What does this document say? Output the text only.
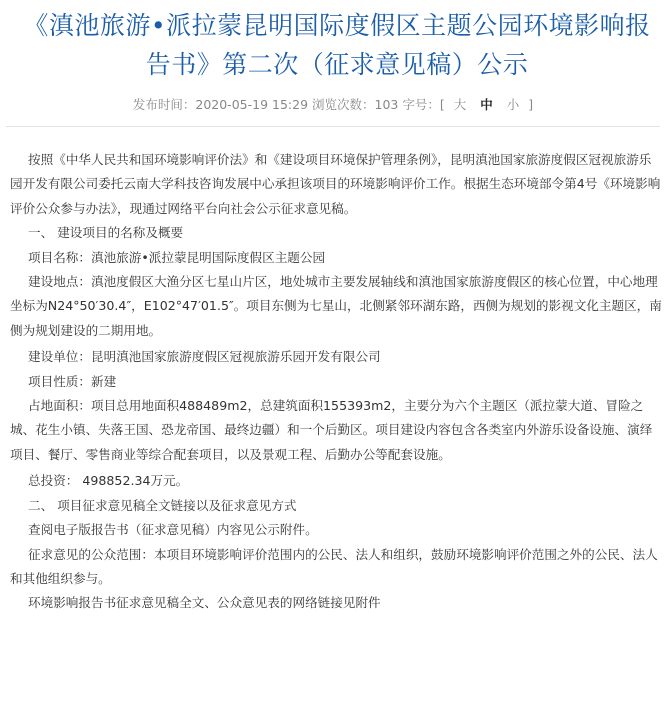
《滇池旅游•派拉蒙昆明国际度假区主题公园环境影响报告书》第二次（征求意见稿）公示
发布时间：2020-05-19 15:29 浏览次数：103 字号：[ 大 中 小 ]

按照《中华人民共和国环境影响评价法》和《建设项目环境保护管理条例》，昆明滇池国家旅游度假区冠视旅游乐园开发有限公司委托云南大学科技咨询发展中心承担该项目的环境影响评价工作。根据生态环境部令第4号《环境影响评价公众参与办法》，现通过网络平台向社会公示征求意见稿。

一、 建设项目的名称及概要

项目名称：滇池旅游•派拉蒙昆明国际度假区主题公园

建设地点：滇池度假区大渔分区七星山片区，地处城市主要发展轴线和滇池国家旅游度假区的核心位置，中心地理坐标为N24°50′30.4″，E102°47′01.5″。项目东侧为七星山，北侧紧邻环湖东路，西侧为规划的影视文化主题区，南侧为规划建设的二期用地。

建设单位：昆明滇池国家旅游度假区冠视旅游乐园开发有限公司

项目性质：新建

占地面积：项目总用地面积488489m2，总建筑面积155393m2，主要分为六个主题区（派拉蒙大道、冒险之城、花生小镇、失落王国、恐龙帝国、最终边疆）和一个后勤区。项目建设内容包含各类室内外游乐设备设施、演绎项目、餐厅、零售商业等综合配套项目，以及景观工程、后勤办公等配套设施。

总投资： 498852.34万元。

二、 项目征求意见稿全文链接以及征求意见方式

查阅电子版报告书（征求意见稿）内容见公示附件。

征求意见的公众范围：本项目环境影响评价范围内的公民、法人和组织，鼓励环境影响评价范围之外的公民、法人和其他组织参与。

环境影响报告书征求意见稿全文、公众意见表的网络链接见附件
